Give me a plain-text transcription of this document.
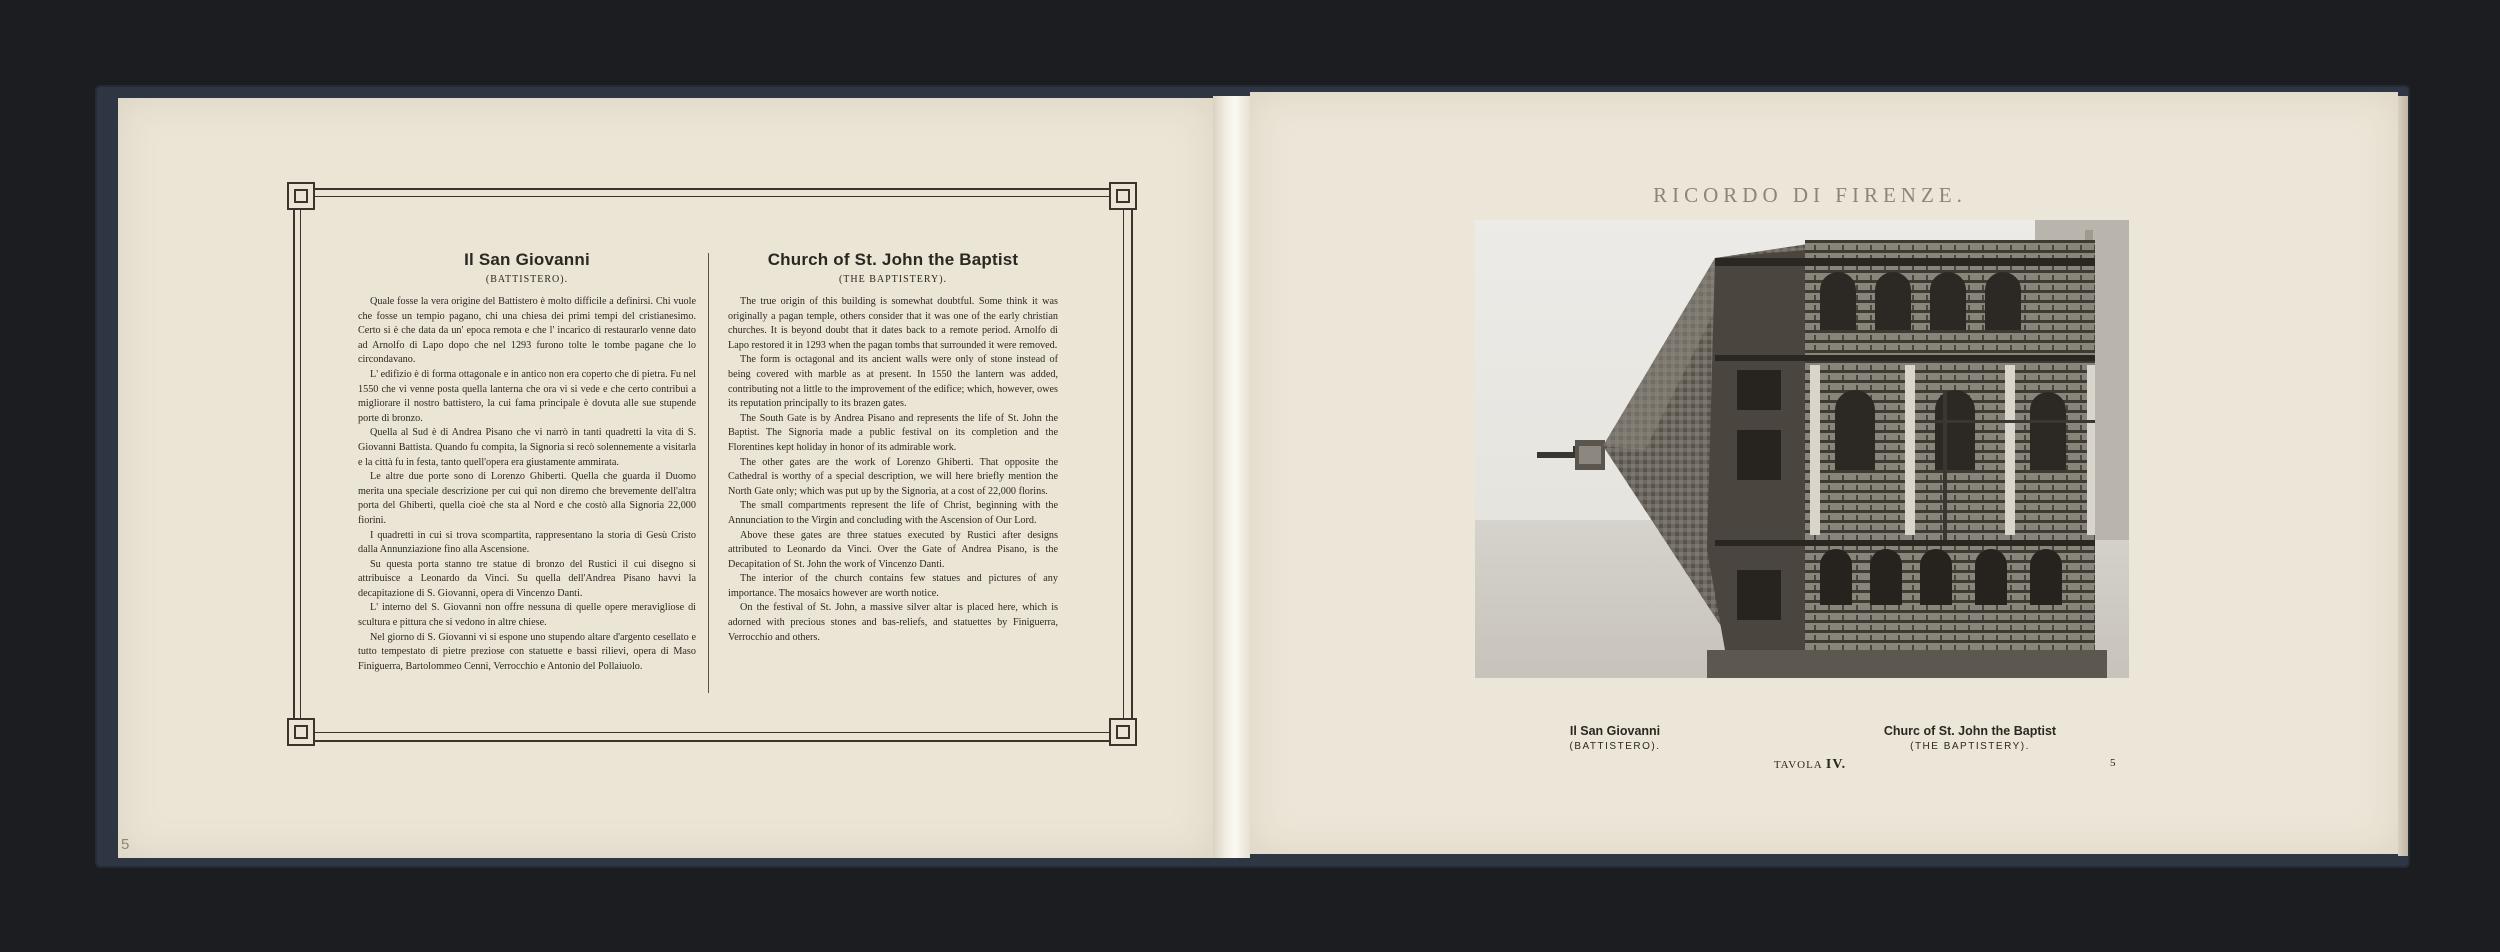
5
Il San Giovanni
(BATTISTERO).

Quale fosse la vera origine del Battistero è molto difficile a definirsi. Chi vuole che fosse un tempio pagano, chi una chiesa dei primi tempi del cristianesimo. Certo si è che data da un' epoca remota e che l' incarico di restaurarlo venne dato ad Arnolfo di Lapo dopo che nel 1293 furono tolte le tombe pagane che lo circondavano.

L' edifizio è di forma ottagonale e in antico non era coperto che di pietra. Fu nel 1550 che vi venne posta quella lanterna che ora vi si vede e che certo contribuì a migliorare il nostro battistero, la cui fama principale è dovuta alle sue stupende porte di bronzo.

Quella al Sud è di Andrea Pisano che vi narrò in tanti quadretti la vita di S. Giovanni Battista. Quando fu compita, la Signoria si recò solennemente a visitarla e la città fu in festa, tanto quell'opera era giustamente ammirata.

Le altre due porte sono di Lorenzo Ghiberti. Quella che guarda il Duomo merita una speciale descrizione per cui qui non diremo che brevemente dell'altra porta del Ghiberti, quella cioè che sta al Nord e che costò alla Signoria 22,000 fiorini.

I quadretti in cui si trova scompartita, rappresentano la storia di Gesù Cristo dalla Annunziazione fino alla Ascensione.

Su questa porta stanno tre statue di bronzo del Rustici il cui disegno si attribuisce a Leonardo da Vinci. Su quella dell'Andrea Pisano havvi la decapitazione di S. Giovanni, opera di Vincenzo Danti.

L' interno del S. Giovanni non offre nessuna di quelle opere meravigliose di scultura e pittura che si vedono in altre chiese.

Nel giorno di S. Giovanni vi si espone uno stupendo altare d'argento cesellato e tutto tempestato di pietre preziose con statuette e bassi rilievi, opera di Maso Finiguerra, Bartolommeo Cenni, Verrocchio e Antonio del Pollaiuolo.

Church of St. John the Baptist
(THE BAPTISTERY).

The true origin of this building is somewhat doubtful. Some think it was originally a pagan temple, others consider that it was one of the early christian churches. It is beyond doubt that it dates back to a remote period. Arnolfo di Lapo restored it in 1293 when the pagan tombs that surrounded it were removed.

The form is octagonal and its ancient walls were only of stone instead of being covered with marble as at present. In 1550 the lantern was added, contributing not a little to the improvement of the edifice; which, however, owes its reputation principally to its brazen gates.

The South Gate is by Andrea Pisano and represents the life of St. John the Baptist. The Signoria made a public festival on its completion and the Florentines kept holiday in honor of its admirable work.

The other gates are the work of Lorenzo Ghiberti. That opposite the Cathedral is worthy of a special description, we will here briefly mention the North Gate only; which was put up by the Signoria, at a cost of 22,000 florins.

The small compartments represent the life of Christ, beginning with the Annunciation to the Virgin and concluding with the Ascension of Our Lord.

Above these gates are three statues executed by Rustici after designs attributed to Leonardo da Vinci. Over the Gate of Andrea Pisano, is the Decapitation of St. John the work of Vincenzo Danti.

The interior of the church contains few statues and pictures of any importance. The mosaics however are worth notice.

On the festival of St. John, a massive silver altar is placed here, which is adorned with precious stones and bas-reliefs, and statuettes by Finiguerra, Verrocchio and others.

RICORDO DI FIRENZE.
Il San Giovanni
(BATTISTERO).
Churc of St. John the Baptist
(THE BAPTISTERY).
TAVOLA IV.	5
